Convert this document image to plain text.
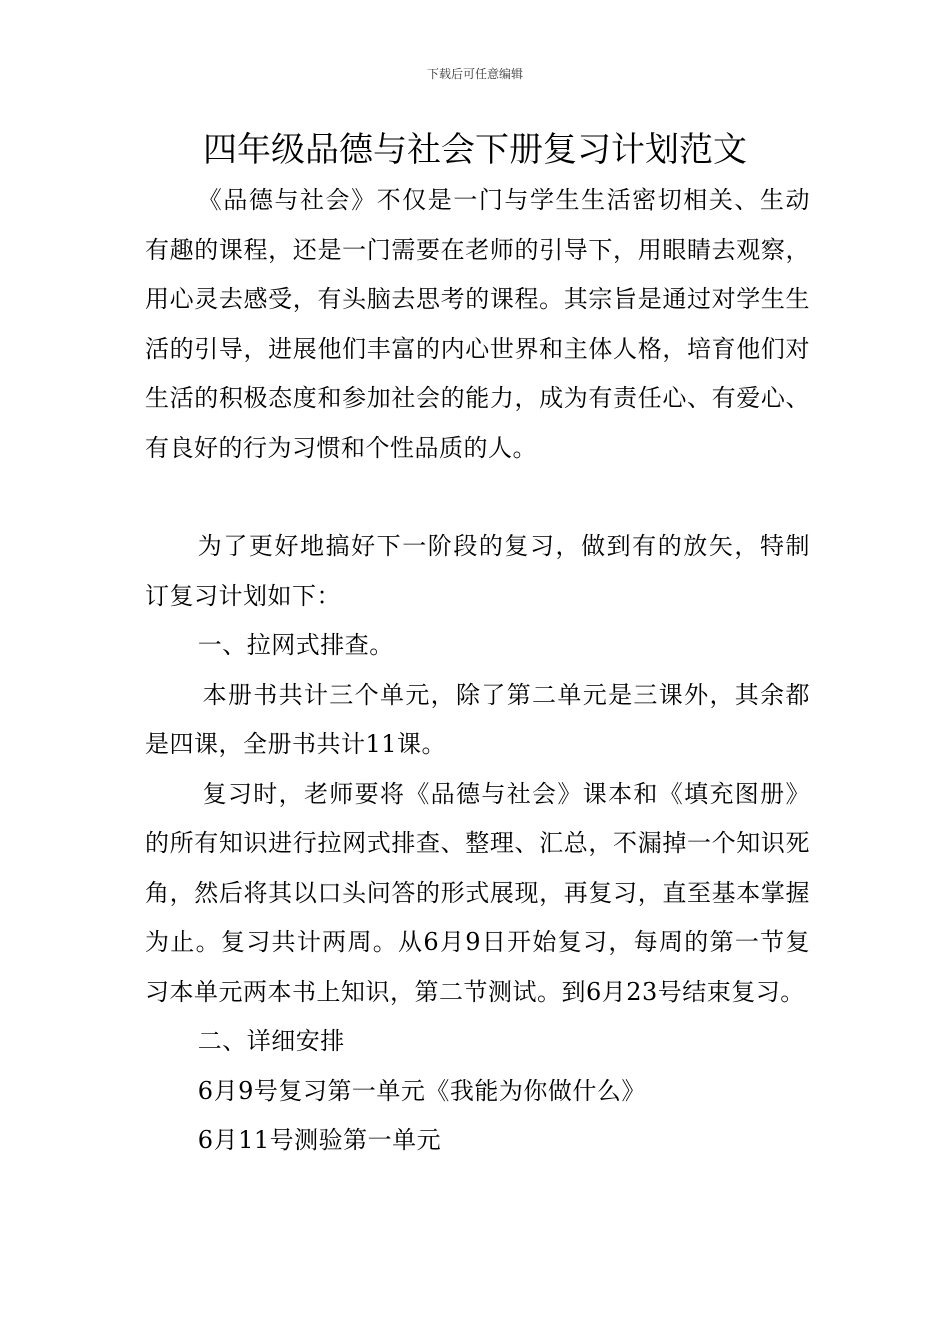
下载后可任意编辑
四年级品德与社会下册复习计划范文

《品德与社会》不仅是一门与学生生活密切相关、生动有趣的课程，还是一门需要在老师的引导下，用眼睛去观察，用心灵去感受，有头脑去思考的课程。其宗旨是通过对学生生活的引导，进展他们丰富的内心世界和主体人格，培育他们对生活的积极态度和参加社会的能力，成为有责任心、有爱心、有良好的行为习惯和个性品质的人。

为了更好地搞好下一阶段的复习，做到有的放矢，特制订复习计划如下：

一、拉网式排查。

本册书共计三个单元，除了第二单元是三课外，其余都是四课，全册书共计11课。

复习时，老师要将《品德与社会》课本和《填充图册》的所有知识进行拉网式排查、整理、汇总，不漏掉一个知识死角，然后将其以口头问答的形式展现，再复习，直至基本掌握为止。复习共计两周。从6月9日开始复习，每周的第一节复习本单元两本书上知识，第二节测试。到6月23号结束复习。

二、详细安排

6月9号复习第一单元《我能为你做什么》

6月11号测验第一单元
